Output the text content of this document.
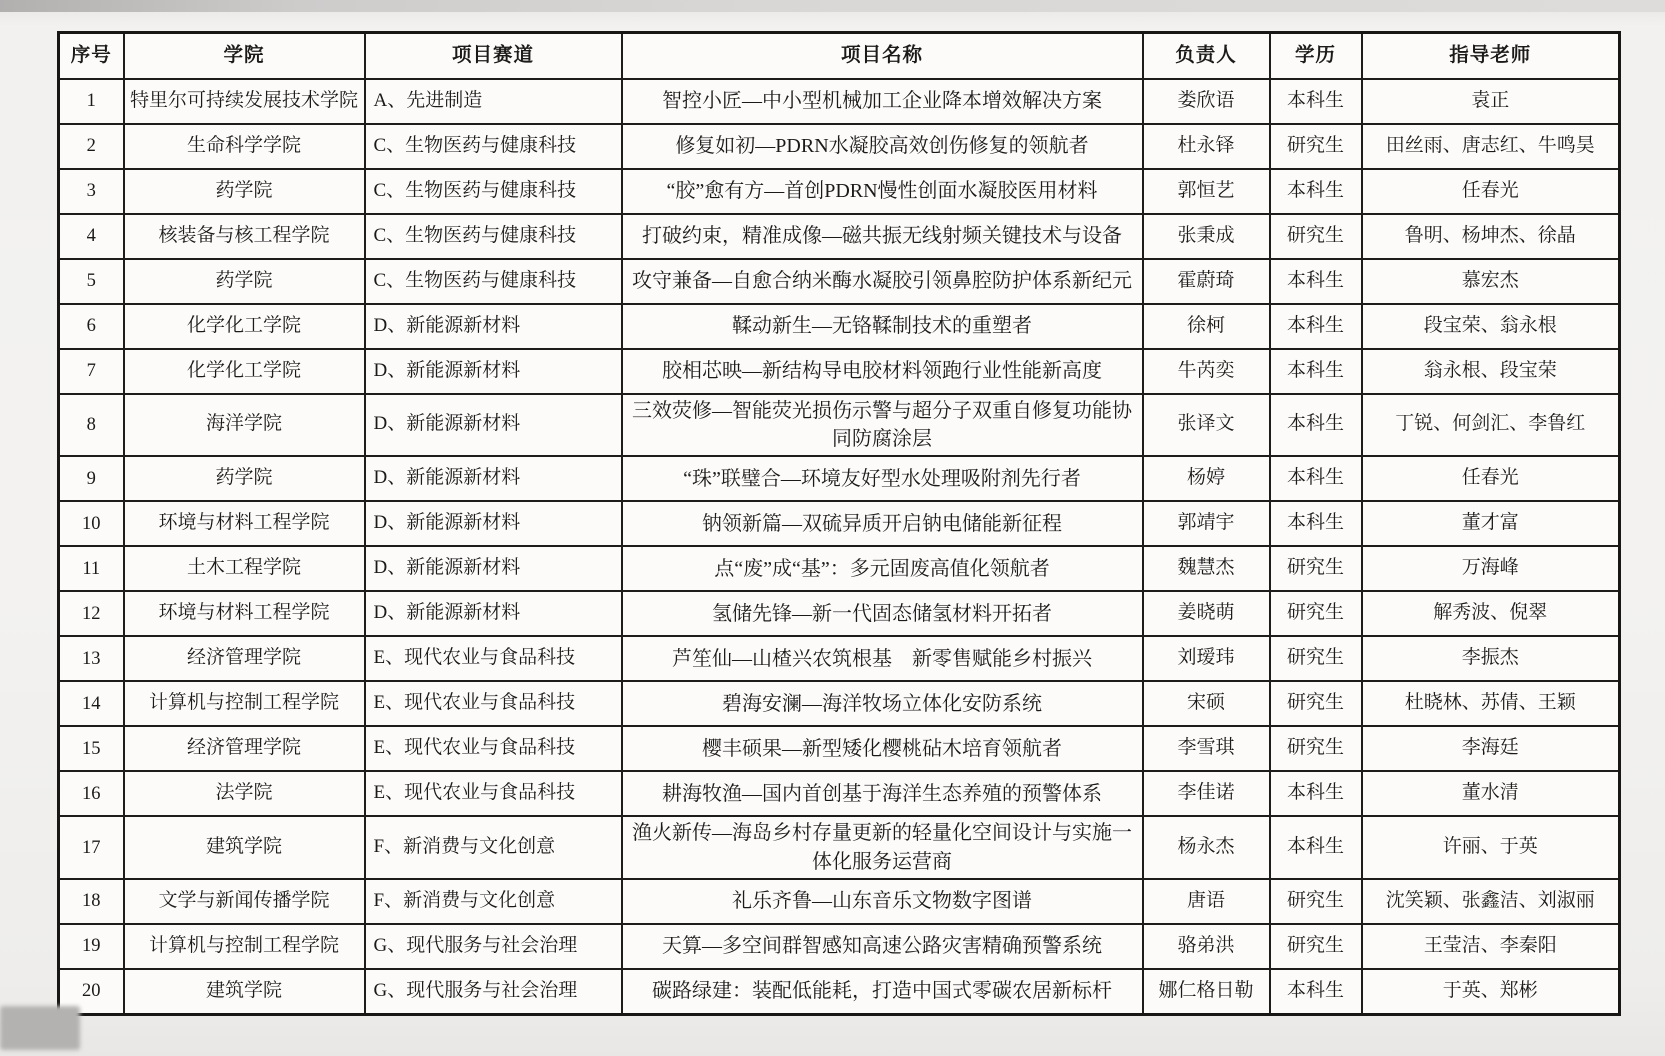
序号	学院	项目赛道	项目名称	负责人	学历	指导老师
1	特里尔可持续发展技术学院	A、先进制造	智控小匠—中小型机械加工企业降本增效解决方案	娄欣语	本科生	袁正
2	生命科学学院	C、生物医药与健康科技	修复如初—PDRN水凝胶高效创伤修复的领航者	杜永铎	研究生	田丝雨、唐志红、牛鸣昊
3	药学院	C、生物医药与健康科技	“胶”愈有方—首创PDRN慢性创面水凝胶医用材料	郭恒艺	本科生	任春光
4	核装备与核工程学院	C、生物医药与健康科技	打破约束，精准成像—磁共振无线射频关键技术与设备	张秉成	研究生	鲁明、杨坤杰、徐晶
5	药学院	C、生物医药与健康科技	攻守兼备—自愈合纳米酶水凝胶引领鼻腔防护体系新纪元	霍蔚琦	本科生	慕宏杰
6	化学化工学院	D、新能源新材料	鞣动新生—无铬鞣制技术的重塑者	徐柯	本科生	段宝荣、翁永根
7	化学化工学院	D、新能源新材料	胶相芯映—新结构导电胶材料领跑行业性能新高度	牛芮奕	本科生	翁永根、段宝荣
8	海洋学院	D、新能源新材料	三效荧修—智能荧光损伤示警与超分子双重自修复功能协同防腐涂层	张译文	本科生	丁锐、何剑汇、李鲁红
9	药学院	D、新能源新材料	“珠”联璧合—环境友好型水处理吸附剂先行者	杨婷	本科生	任春光
10	环境与材料工程学院	D、新能源新材料	钠领新篇—双硫异质开启钠电储能新征程	郭靖宇	本科生	董才富
11	土木工程学院	D、新能源新材料	点“废”成“基”：多元固废高值化领航者	魏慧杰	研究生	万海峰
12	环境与材料工程学院	D、新能源新材料	氢储先锋—新一代固态储氢材料开拓者	姜晓萌	研究生	解秀波、倪翠
13	经济管理学院	E、现代农业与食品科技	芦笙仙—山楂兴农筑根基　新零售赋能乡村振兴	刘瑷玮	研究生	李振杰
14	计算机与控制工程学院	E、现代农业与食品科技	碧海安澜—海洋牧场立体化安防系统	宋硕	研究生	杜晓林、苏倩、王颖
15	经济管理学院	E、现代农业与食品科技	樱丰硕果—新型矮化樱桃砧木培育领航者	李雪琪	研究生	李海廷
16	法学院	E、现代农业与食品科技	耕海牧渔—国内首创基于海洋生态养殖的预警体系	李佳诺	本科生	董水清
17	建筑学院	F、新消费与文化创意	渔火新传—海岛乡村存量更新的轻量化空间设计与实施一体化服务运营商	杨永杰	本科生	许丽、于英
18	文学与新闻传播学院	F、新消费与文化创意	礼乐齐鲁—山东音乐文物数字图谱	唐语	研究生	沈笑颖、张鑫洁、刘淑丽
19	计算机与控制工程学院	G、现代服务与社会治理	天算—多空间群智感知高速公路灾害精确预警系统	骆弟洪	研究生	王莹洁、李秦阳
20	建筑学院	G、现代服务与社会治理	碳路绿建：装配低能耗，打造中国式零碳农居新标杆	娜仁格日勒	本科生	于英、郑彬
